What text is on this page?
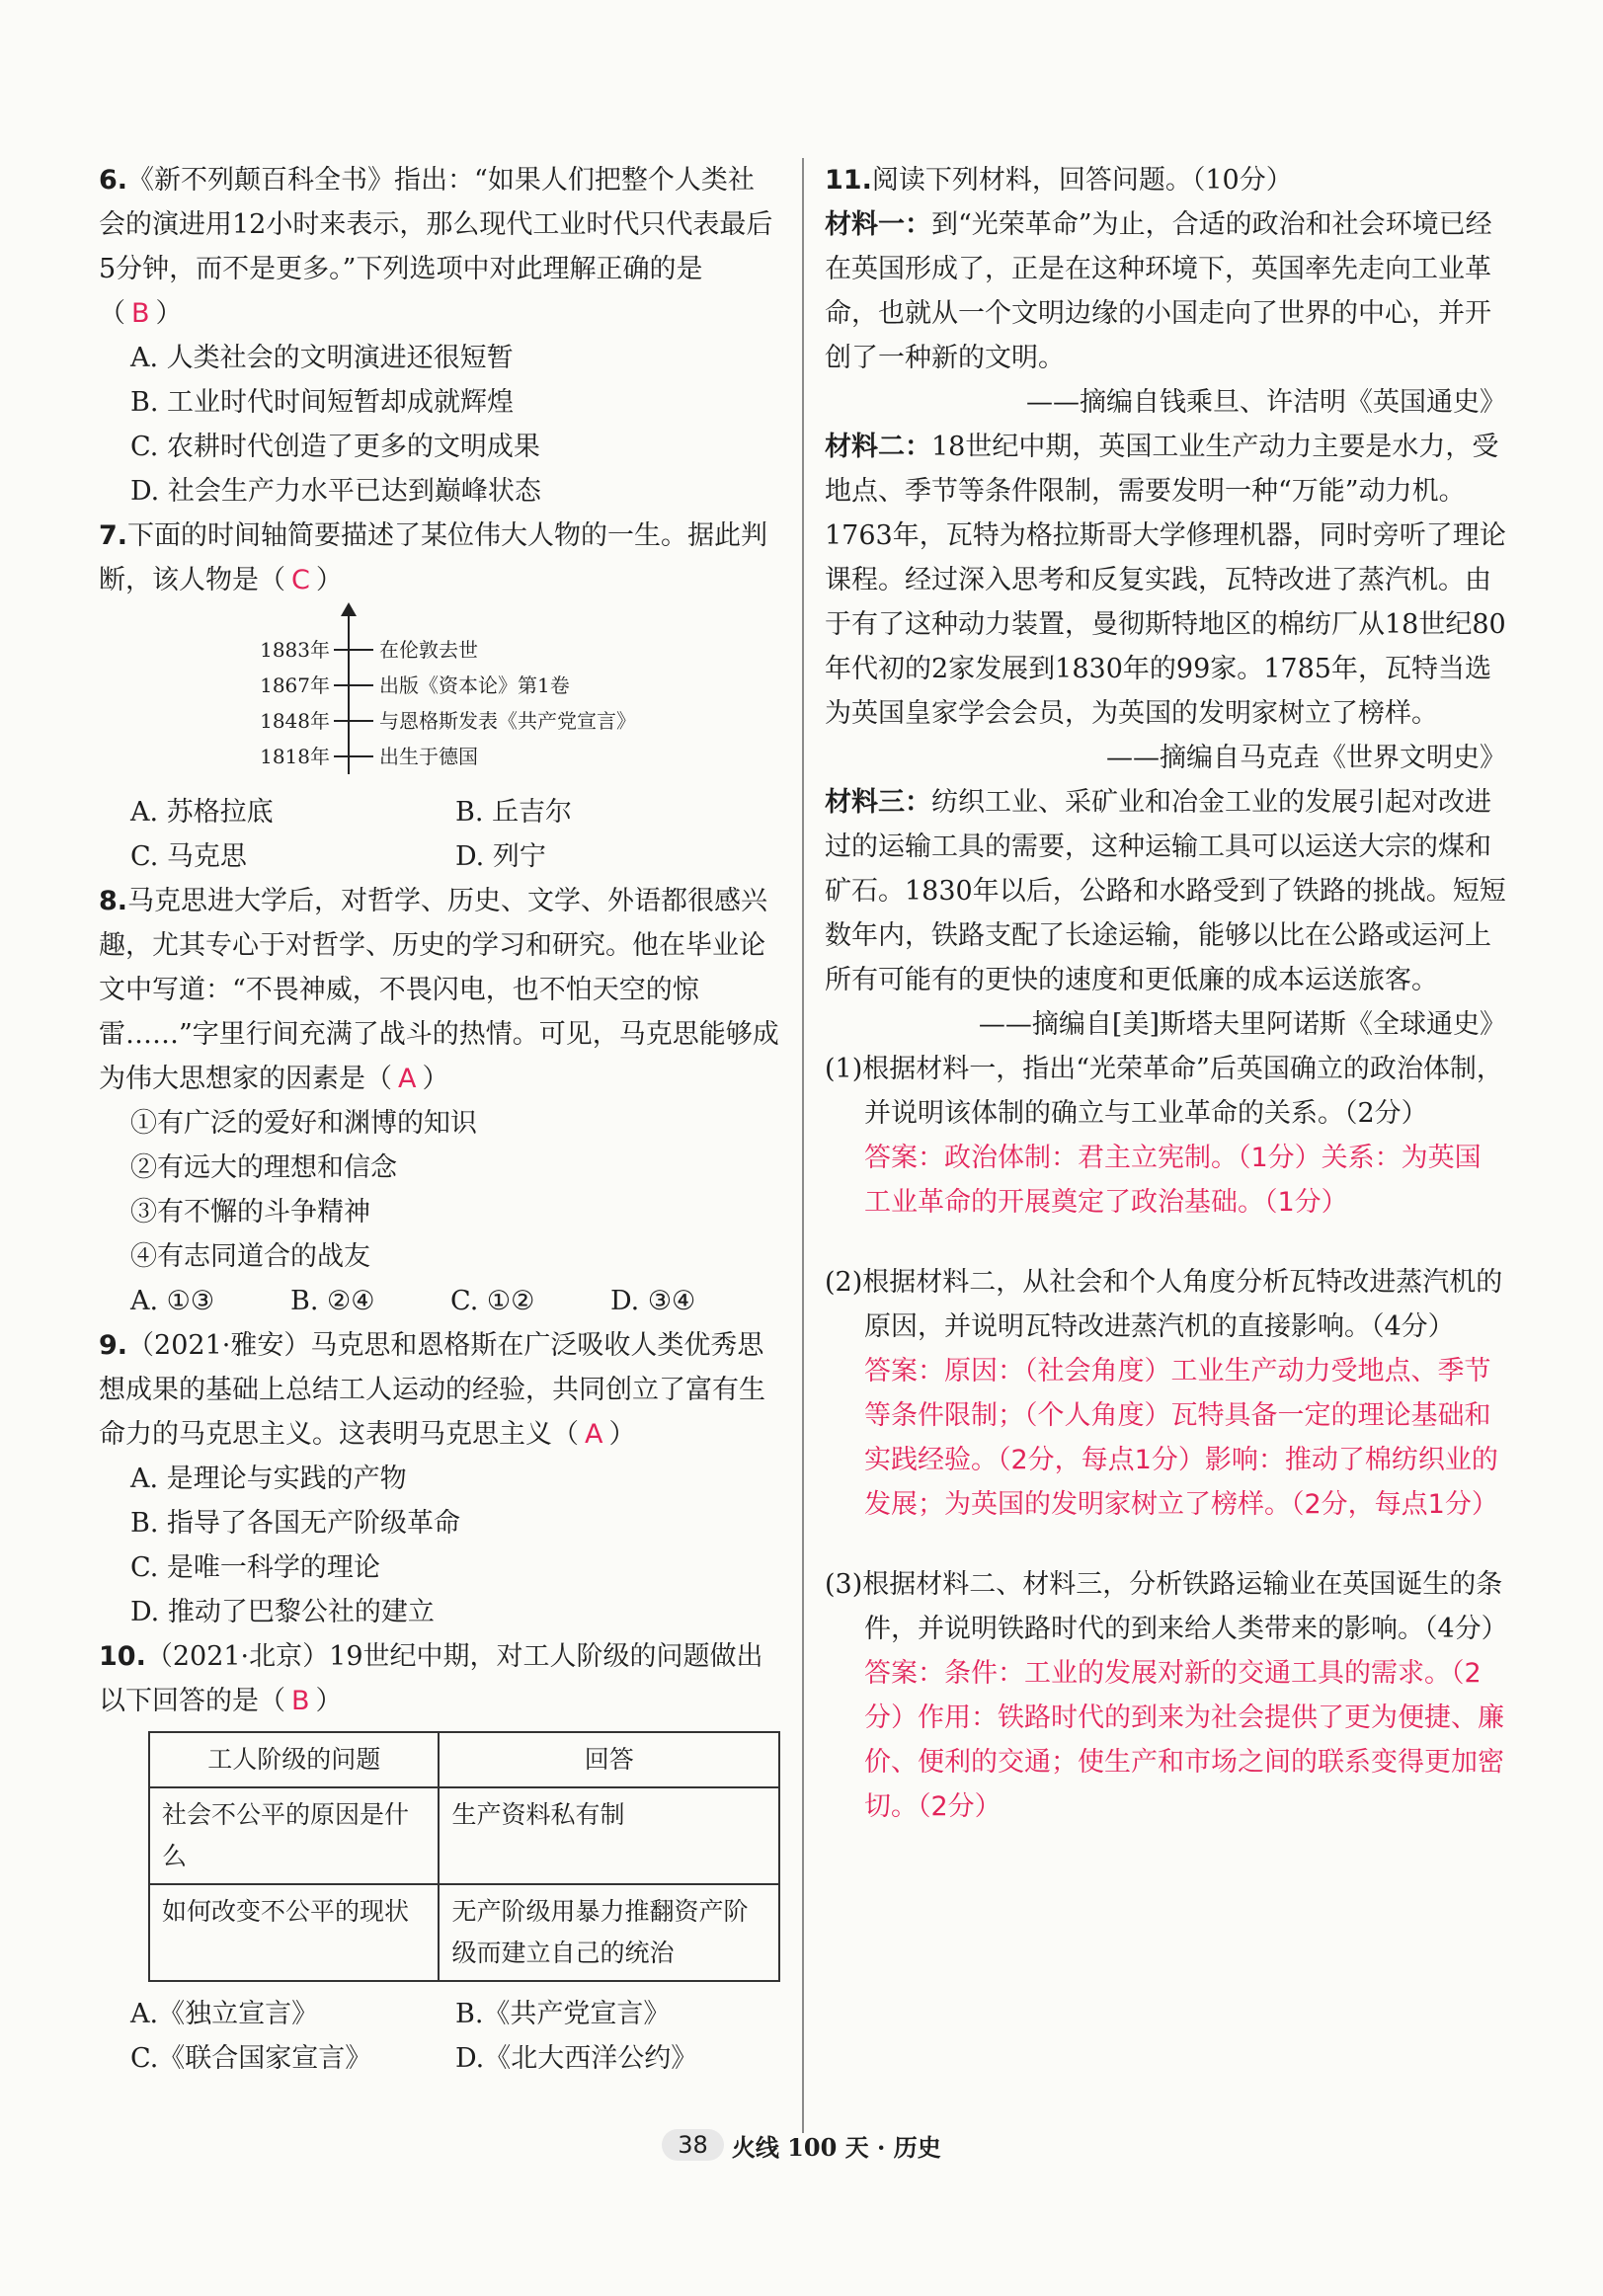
6.《新不列颠百科全书》指出：“如果人们把整个人类社会的演进用12小时来表示，那么现代工业时代只代表最后5分钟，而不是更多。”下列选项中对此理解正确的是（ B ）

A. 人类社会的文明演进还很短暂

B. 工业时代时间短暂却成就辉煌

C. 农耕时代创造了更多的文明成果

D. 社会生产力水平已达到巅峰状态

7.下面的时间轴简要描述了某位伟大人物的一生。据此判断，该人物是（ C ）

1883年	在伦敦去世
1867年	出版《资本论》第1卷
1848年	与恩格斯发表《共产党宣言》
1818年	出生于德国
A. 苏格拉底	B. 丘吉尔
C. 马克思	D. 列宁

8.马克思进大学后，对哲学、历史、文学、外语都很感兴趣，尤其专心于对哲学、历史的学习和研究。他在毕业论文中写道：“不畏神威，不畏闪电，也不怕天空的惊雷……”字里行间充满了战斗的热情。可见，马克思能够成为伟大思想家的因素是（ A ）

①有广泛的爱好和渊博的知识

②有远大的理想和信念

③有不懈的斗争精神

④有志同道合的战友

A. ①③	B. ②④	C. ①②	D. ③④

9.（2021·雅安）马克思和恩格斯在广泛吸收人类优秀思想成果的基础上总结工人运动的经验，共同创立了富有生命力的马克思主义。这表明马克思主义（ A ）

A. 是理论与实践的产物

B. 指导了各国无产阶级革命

C. 是唯一科学的理论

D. 推动了巴黎公社的建立

10.（2021·北京）19世纪中期，对工人阶级的问题做出以下回答的是（ B ）

工人阶级的问题	回答
社会不公平的原因是什么	生产资料私有制
如何改变不公平的现状	无产阶级用暴力推翻资产阶级而建立自己的统治
A.《独立宣言》	B.《共产党宣言》
C.《联合国家宣言》	D.《北大西洋公约》

11.阅读下列材料，回答问题。（10分）

材料一：到“光荣革命”为止，合适的政治和社会环境已经在英国形成了，正是在这种环境下，英国率先走向工业革命，也就从一个文明边缘的小国走向了世界的中心，并开创了一种新的文明。

——摘编自钱乘旦、许洁明《英国通史》

材料二：18世纪中期，英国工业生产动力主要是水力，受地点、季节等条件限制，需要发明一种“万能”动力机。1763年，瓦特为格拉斯哥大学修理机器，同时旁听了理论课程。经过深入思考和反复实践，瓦特改进了蒸汽机。由于有了这种动力装置，曼彻斯特地区的棉纺厂从18世纪80年代初的2家发展到1830年的99家。1785年，瓦特当选为英国皇家学会会员，为英国的发明家树立了榜样。

——摘编自马克垚《世界文明史》

材料三：纺织工业、采矿业和冶金工业的发展引起对改进过的运输工具的需要，这种运输工具可以运送大宗的煤和矿石。1830年以后，公路和水路受到了铁路的挑战。短短数年内，铁路支配了长途运输，能够以比在公路或运河上所有可能有的更快的速度和更低廉的成本运送旅客。

——摘编自[美]斯塔夫里阿诺斯《全球通史》

(1)根据材料一，指出“光荣革命”后英国确立的政治体制，并说明该体制的确立与工业革命的关系。（2分）

答案：政治体制：君主立宪制。（1分）关系：为英国工业革命的开展奠定了政治基础。（1分）

(2)根据材料二，从社会和个人角度分析瓦特改进蒸汽机的原因，并说明瓦特改进蒸汽机的直接影响。（4分）

答案：原因：（社会角度）工业生产动力受地点、季节等条件限制；（个人角度）瓦特具备一定的理论基础和实践经验。（2分，每点1分）影响：推动了棉纺织业的发展；为英国的发明家树立了榜样。（2分，每点1分）

(3)根据材料二、材料三，分析铁路运输业在英国诞生的条件，并说明铁路时代的到来给人类带来的影响。（4分）

答案：条件：工业的发展对新的交通工具的需求。（2分）作用：铁路时代的到来为社会提供了更为便捷、廉价、便利的交通；使生产和市场之间的联系变得更加密切。（2分）

38	火线 100 天 · 历史
